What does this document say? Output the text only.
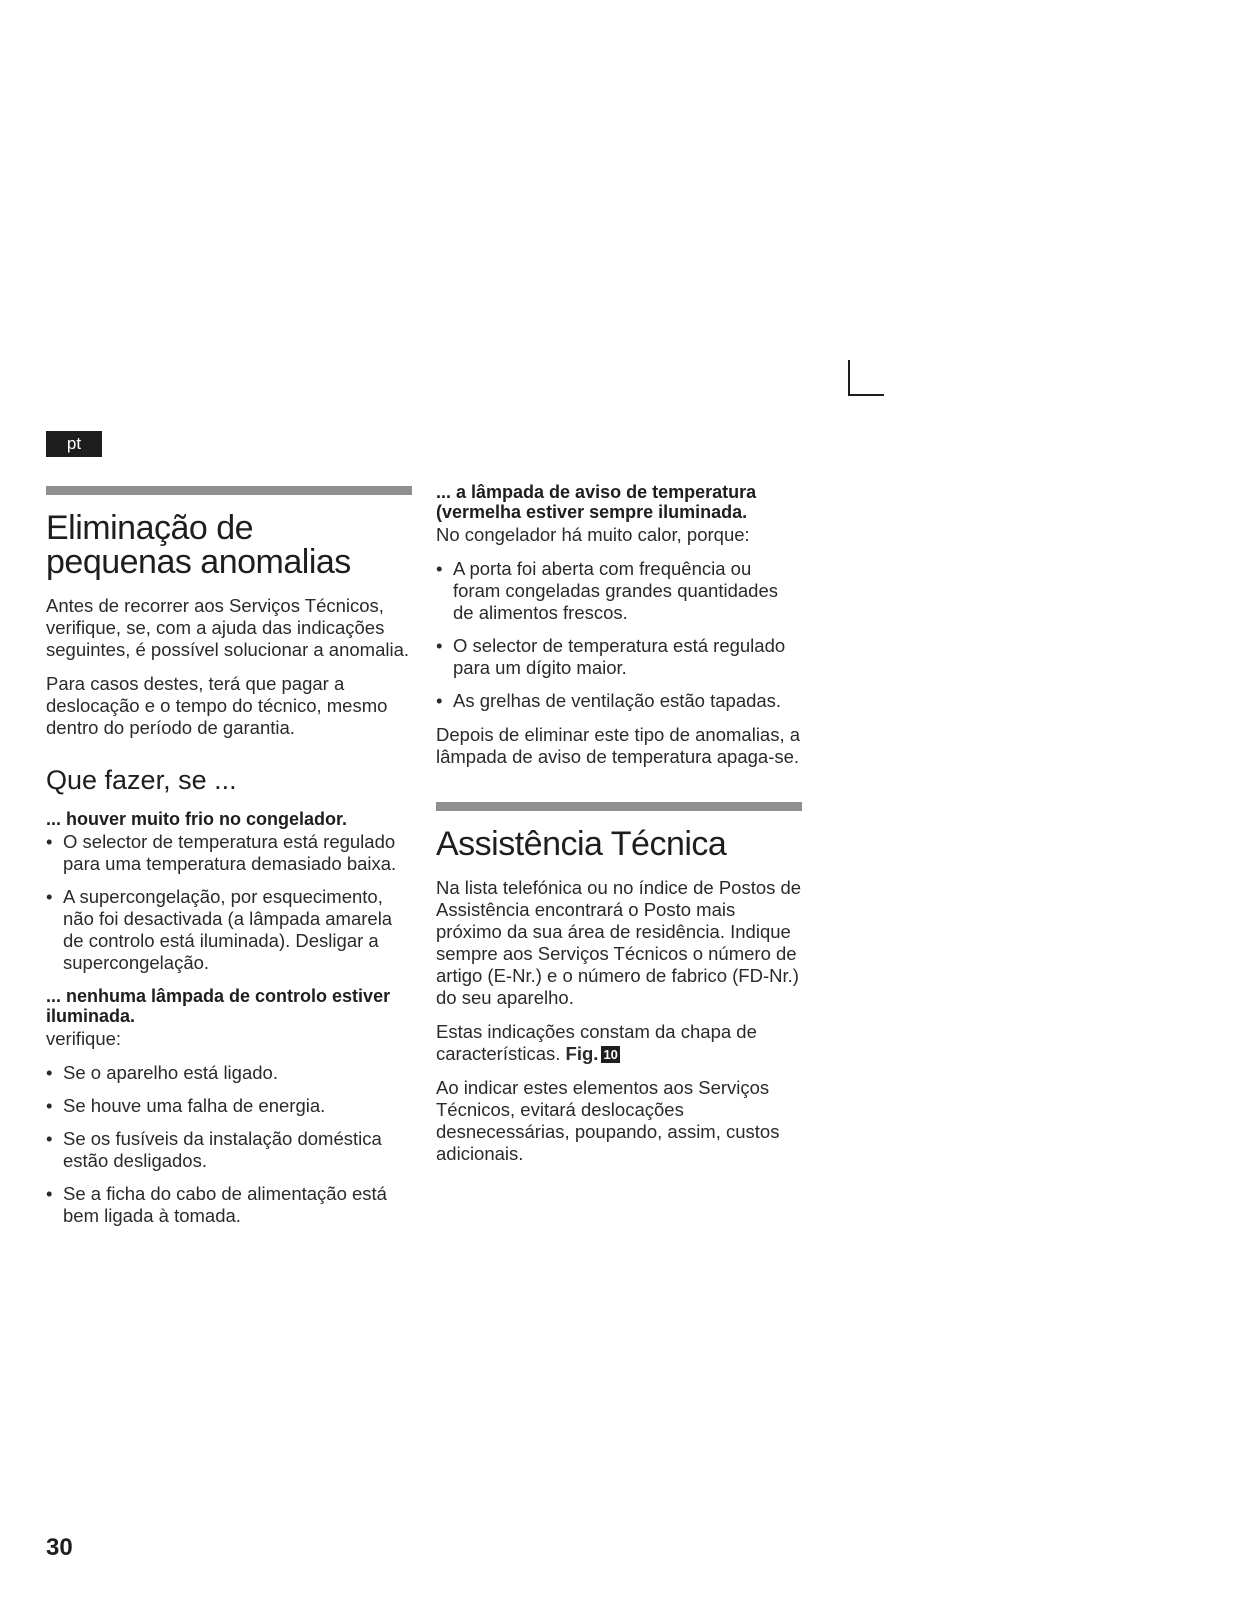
pt
Eliminação de
pequenas anomalias

Antes de recorrer aos Serviços Técnicos, verifique, se, com a ajuda das indicações seguintes, é possível solucionar a anomalia.

Para casos destes, terá que pagar a deslocação e o tempo do técnico, mesmo dentro do período de garantia.

Que fazer, se ...
... houver muito frio no congelador.
• O selector de temperatura está regulado para uma temperatura demasiado baixa.
• A supercongelação, por esquecimento, não foi desactivada (a lâmpada amarela de controlo está iluminada). Desligar a supercongelação.
... nenhuma lâmpada de controlo estiver iluminada.

verifique:

• Se o aparelho está ligado.
• Se houve uma falha de energia.
• Se os fusíveis da instalação doméstica estão desligados.
• Se a ficha do cabo de alimentação está bem ligada à tomada.
... a lâmpada de aviso de temperatura (vermelha estiver sempre iluminada.

No congelador há muito calor, porque:

• A porta foi aberta com frequência ou foram congeladas grandes quantidades de alimentos frescos.
• O selector de temperatura está regulado para um dígito maior.
• As grelhas de ventilação estão tapadas.

Depois de eliminar este tipo de anomalias, a lâmpada de aviso de temperatura apaga-se.

Assistência Técnica

Na lista telefónica ou no índice de Postos de Assistência encontrará o Posto mais próximo da sua área de residência. Indique sempre aos Serviços Técnicos o número de artigo (E-Nr.) e o número de fabrico (FD-Nr.) do seu aparelho.

Estas indicações constam da chapa de características. Fig. 10

Ao indicar estes elementos aos Serviços Técnicos, evitará deslocações desnecessárias, poupando, assim, custos adicionais.

30
